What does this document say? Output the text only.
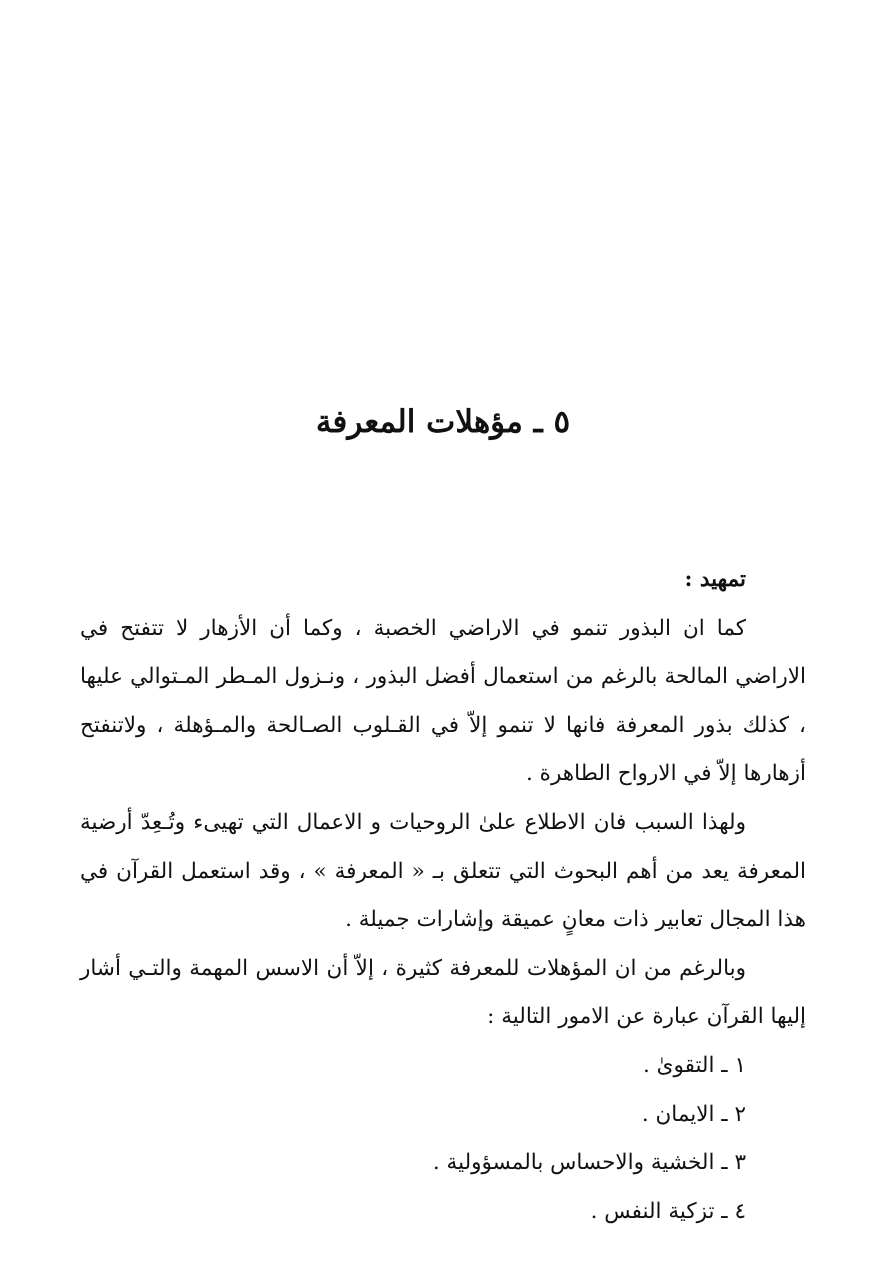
٥ ـ مؤهلات المعرفة

تمهيد :

كما ان البذور تنمو في الاراضي الخصبة ، وكما أن الأزهار لا تتفتح في الاراضي المالحة بالرغم من استعمال أفضل البذور ، ونـزول المـطر المـتوالي عليها ، كذلك بذور المعرفة فانها لا تنمو إلاّ في القـلوب الصـالحة والمـؤهلة ، ولاتنفتح أزهارها إلاّ في الارواح الطاهرة .

ولهذا السبب فان الاطلاع علىٰ الروحيات و الاعمال التي تهيىء وتُـعِدّ أرضية المعرفة يعد من أهم البحوث التي تتعلق بـ « المعرفة » ، وقد استعمل القرآن في هذا المجال تعابير ذات معانٍ عميقة وإشارات جميلة .

وبالرغم من ان المؤهلات للمعرفة كثيرة ، إلاّ أن الاسس المهمة والتـي أشار إليها القرآن عبارة عن الامور التالية :

١ ـ التقوىٰ .
٢ ـ الايمان .
٣ ـ الخشية والاحساس بالمسؤولية .
٤ ـ تزكية النفس .
